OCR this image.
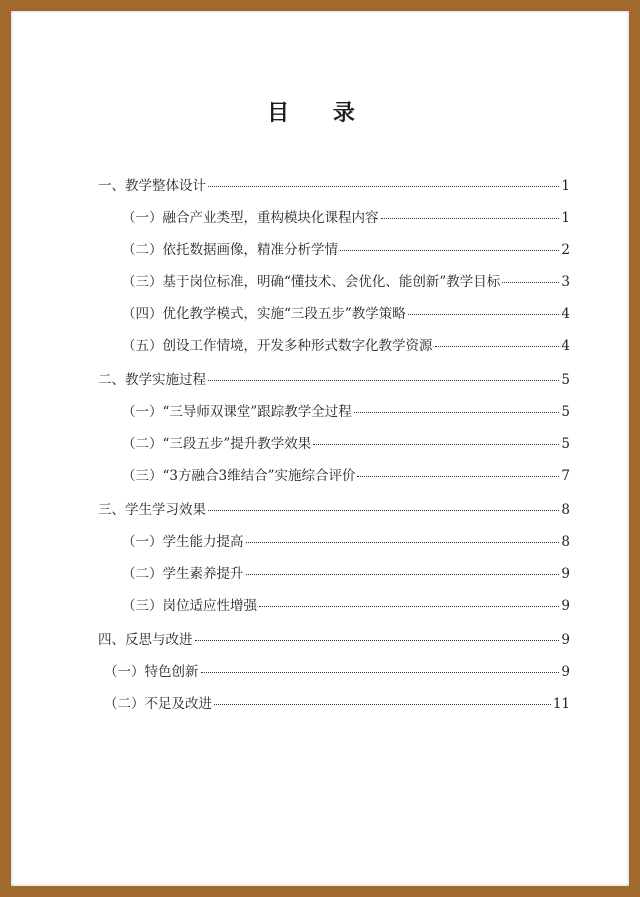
目 录
一、教学整体设计	1
（一）融合产业类型，重构模块化课程内容	1
（二）依托数据画像，精准分析学情	2
（三）基于岗位标准，明确“懂技术、会优化、能创新”教学目标	3
（四）优化教学模式，实施“三段五步”教学策略	4
（五）创设工作情境，开发多种形式数字化教学资源	4
二、教学实施过程	5
（一）“三导师双课堂”跟踪教学全过程	5
（二）“三段五步”提升教学效果	5
（三）“3方融合3维结合”实施综合评价	7
三、学生学习效果	8
（一）学生能力提高	8
（二）学生素养提升	9
（三）岗位适应性增强	9
四、反思与改进	9
（一）特色创新	9
（二）不足及改进	11
